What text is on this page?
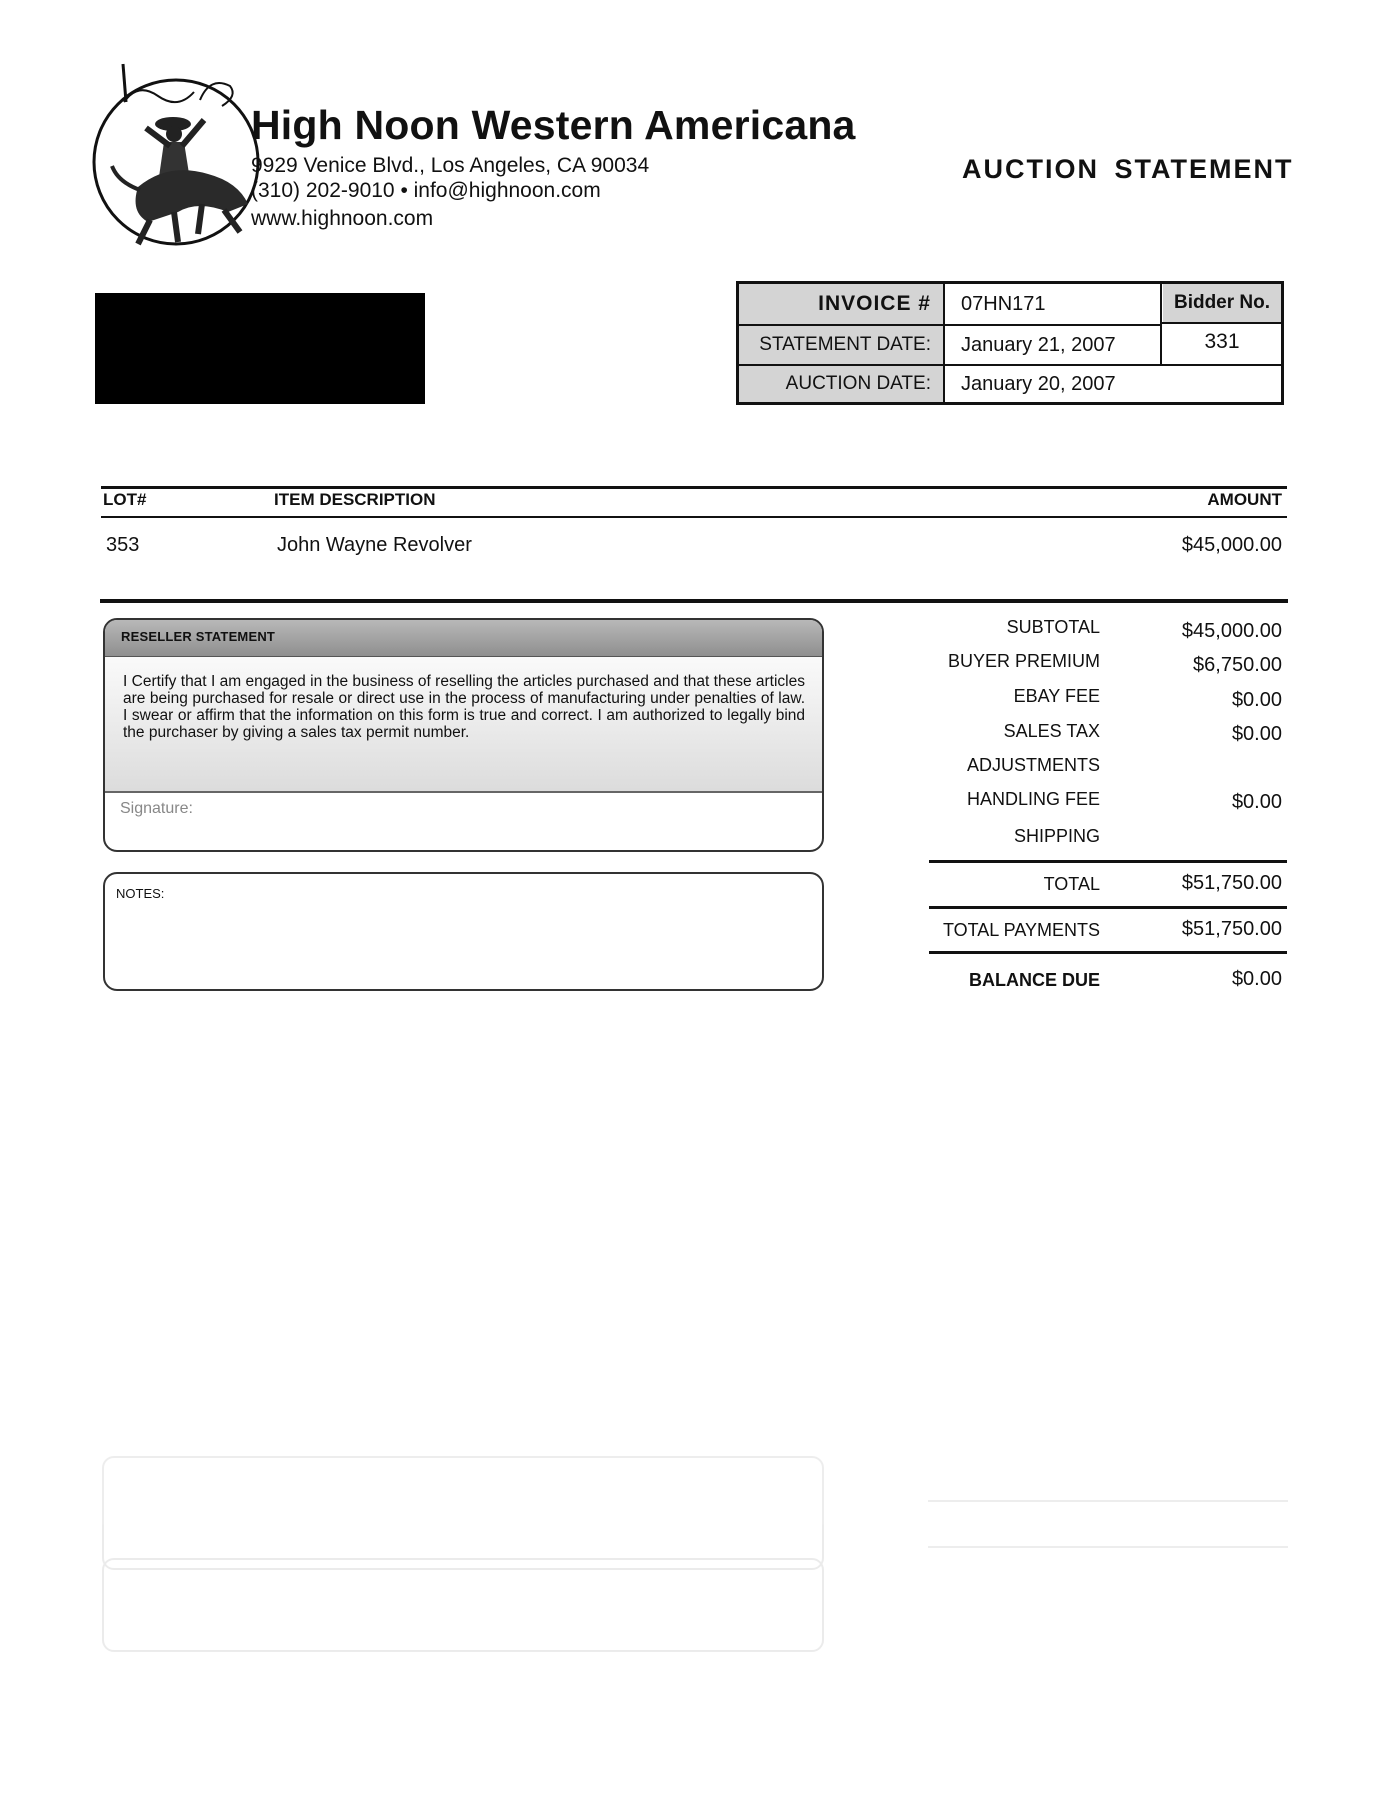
High Noon Western Americana
9929 Venice Blvd., Los Angeles, CA 90034
(310) 202-9010 • info@highnoon.com
www.highnoon.com
AUCTION STATEMENT
INVOICE #	07HN171	Bidder No.
331
STATEMENT DATE:	January 21, 2007
AUCTION DATE:	January 20, 2007
LOT#	ITEM DESCRIPTION	AMOUNT
353	John Wayne Revolver	$45,000.00
RESELLER STATEMENT
I Certify that I am engaged in the business of reselling the articles purchased and that these articles are being purchased for resale or direct use in the process of manufacturing under penalties of law. I swear or affirm that the information on this form is true and correct. I am authorized to legally bind the purchaser by giving a sales tax permit number.
Signature:
NOTES:
SUBTOTAL	$45,000.00
BUYER PREMIUM	$6,750.00
EBAY FEE	$0.00
SALES TAX	$0.00
ADJUSTMENTS
HANDLING FEE	$0.00
SHIPPING
TOTAL	$51,750.00
TOTAL PAYMENTS	$51,750.00
BALANCE DUE	$0.00
